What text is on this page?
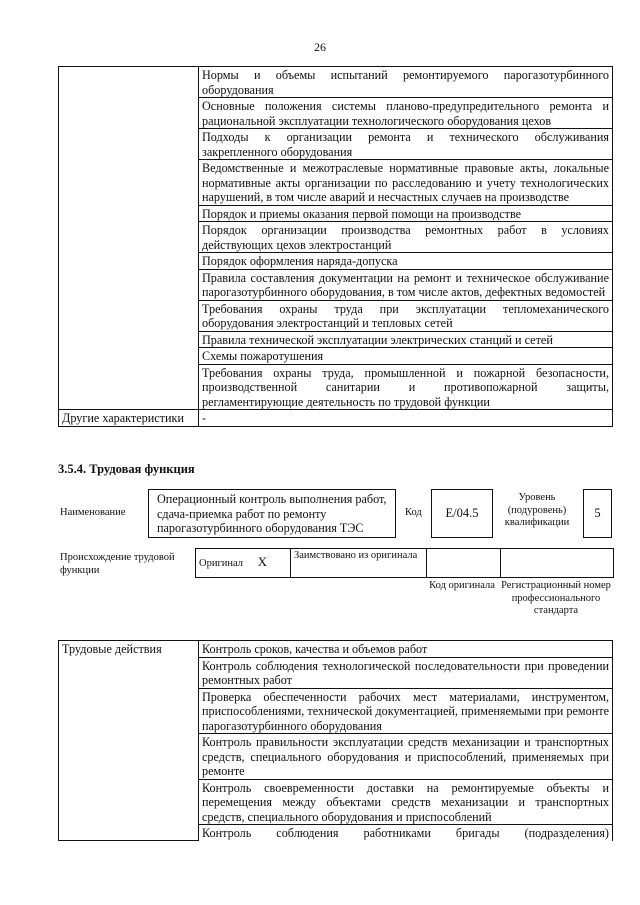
26
	Нормы и объемы испытаний ремонтируемого парогазотурбинного оборудования
	Основные положения системы планово-предупредительного ремонта и рациональной эксплуатации технологического оборудования цехов
	Подходы к организации ремонта и технического обслуживания закрепленного оборудования
	Ведомственные и межотраслевые нормативные правовые акты, локальные нормативные акты организации по расследованию и учету технологических нарушений, в том числе аварий и несчастных случаев на производстве
	Порядок и приемы оказания первой помощи на производстве
	Порядок организации производства ремонтных работ в условиях действующих цехов электростанций
	Порядок оформления наряда-допуска
	Правила составления документации на ремонт и техническое обслуживание парогазотурбинного оборудования, в том числе актов, дефектных ведомостей
	Требования охраны труда при эксплуатации тепломеханического оборудования электростанций и тепловых сетей
	Правила технической эксплуатации электрических станций и сетей
	Схемы пожаротушения
	Требования охраны труда, промышленной и пожарной безопасности, производственной санитарии и противопожарной защиты, регламентирующие деятельность по трудовой функции
Другие характеристики	-
3.5.4. Трудовая функция
Наименование
Операционный контроль выполнения работ, сдача-приемка работ по ремонту парогазотурбинного оборудования ТЭС
Код	E/04.5
Уровень (подуровень) квалификации
5
Происхождение трудовой функции
Оригинал X	Заимствовано из оригинала		
Код оригинала Регистрационный номер профессионального стандарта
Трудовые действия	Контроль сроков, качества и объемов работ
Контроль соблюдения технологической последовательности при проведении ремонтных работ
Проверка обеспеченности рабочих мест материалами, инструментом, приспособлениями, технической документацией, применяемыми при ремонте парогазотурбинного оборудования
Контроль правильности эксплуатации средств механизации и транспортных средств, специального оборудования и приспособлений, применяемых при ремонте
Контроль своевременности доставки на ремонтируемые объекты и перемещения между объектами средств механизации и транспортных средств, специального оборудования и приспособлений
Контроль соблюдения работниками бригады (подразделения)
